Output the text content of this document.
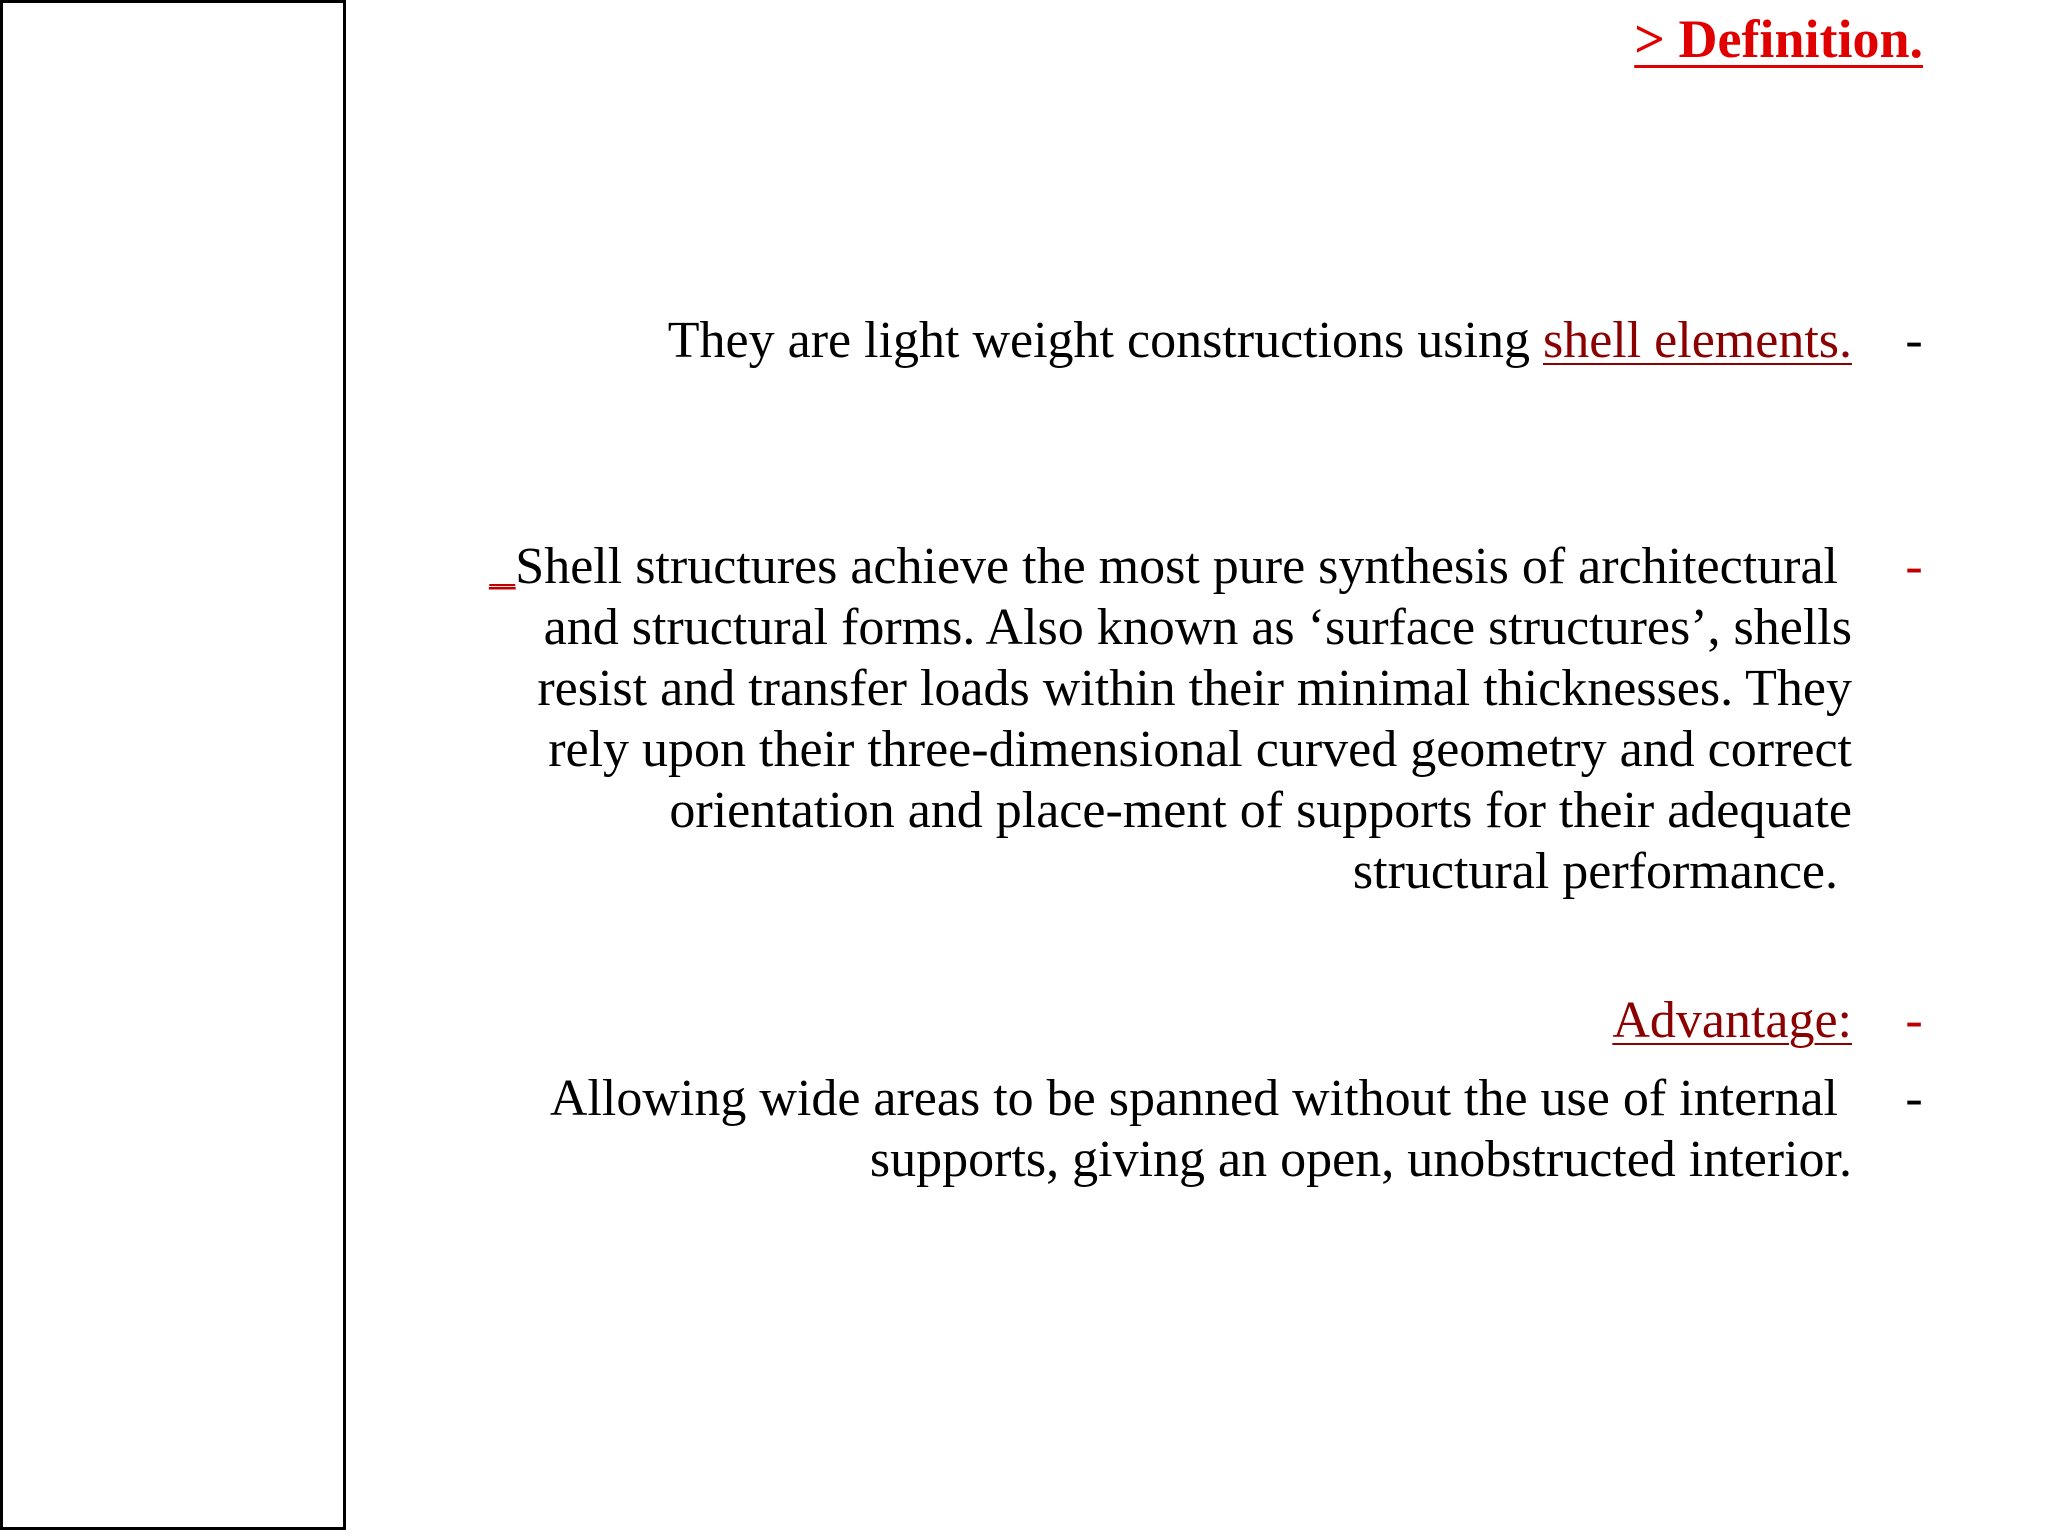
> Definition.
They are light weight constructions using shell elements. -
_Shell structures achieve the most pure synthesis of architectural
and structural forms. Also known as ‘surface structures’, shells
resist and transfer loads within their minimal thicknesses. They
rely upon their three-dimensional curved geometry and correct
orientation and place-ment of supports for their adequate
structural performance.
-
Advantage: -
Allowing wide areas to be spanned without the use of internal
supports, giving an open, unobstructed interior.
-
